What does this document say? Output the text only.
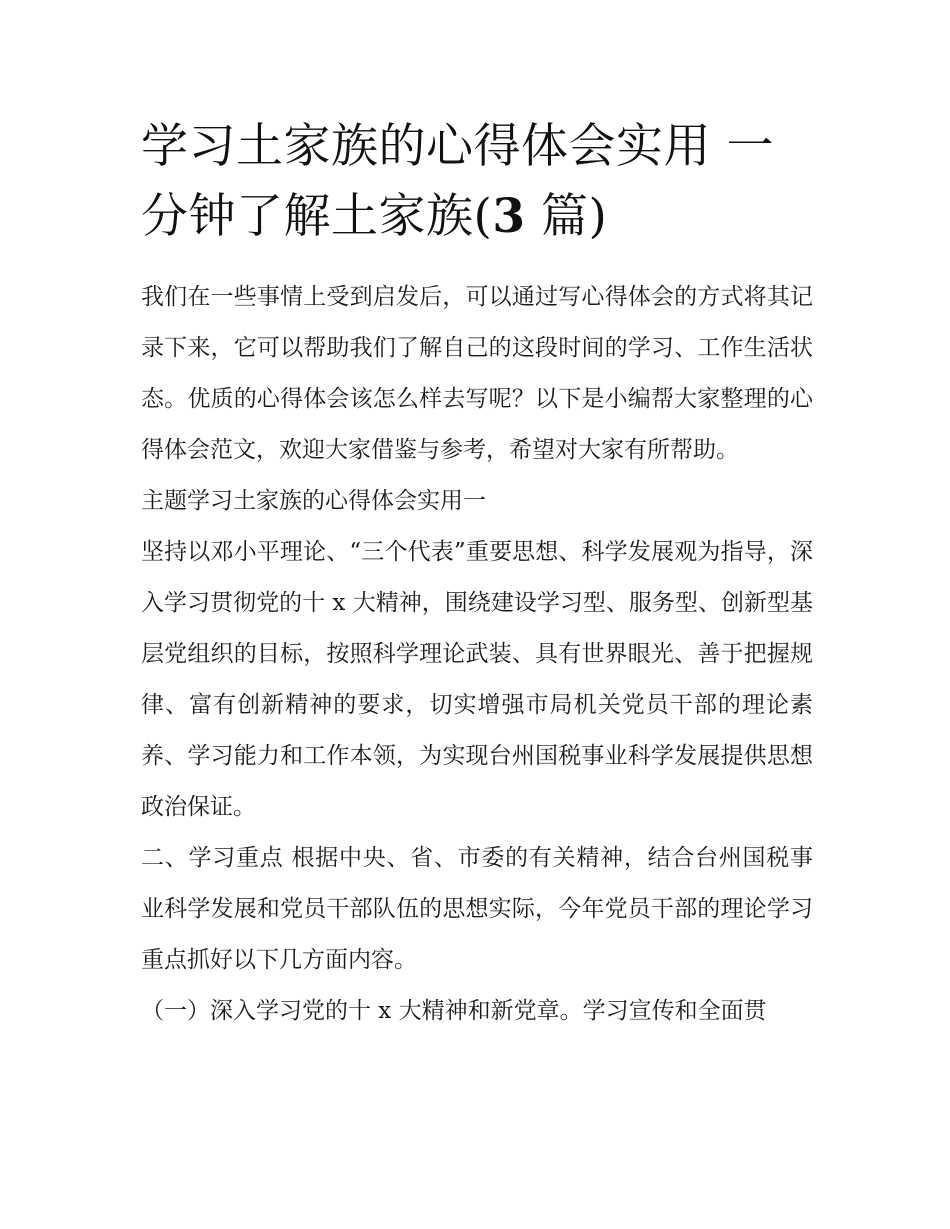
学习土家族的心得体会实用 一分钟了解土家族(3 篇)

我们在一些事情上受到启发后，可以通过写心得体会的方式将其记录下来，它可以帮助我们了解自己的这段时间的学习、工作生活状态。优质的心得体会该怎么样去写呢？以下是小编帮大家整理的心得体会范文，欢迎大家借鉴与参考，希望对大家有所帮助。

主题学习土家族的心得体会实用一

坚持以邓小平理论、“三个代表”重要思想、科学发展观为指导，深入学习贯彻党的十 x 大精神，围绕建设学习型、服务型、创新型基层党组织的目标，按照科学理论武装、具有世界眼光、善于把握规律、富有创新精神的要求，切实增强市局机关党员干部的理论素养、学习能力和工作本领，为实现台州国税事业科学发展提供思想政治保证。

二、学习重点 根据中央、省、市委的有关精神，结合台州国税事业科学发展和党员干部队伍的思想实际，今年党员干部的理论学习重点抓好以下几方面内容。

（一）深入学习党的十 x 大精神和新党章。学习宣传和全面贯
